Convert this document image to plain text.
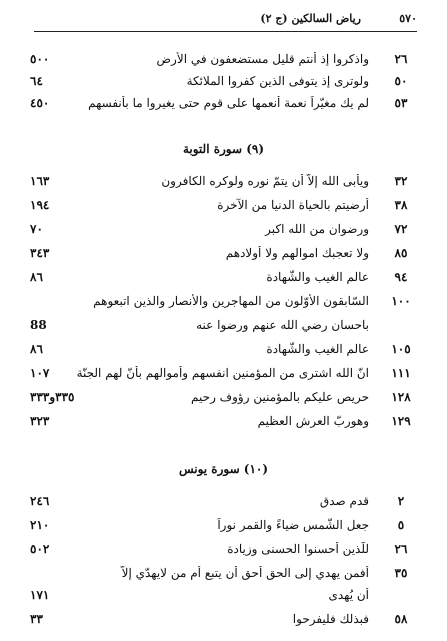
٥٧٠
رياض السالكين (ج ٢)
٢٦
واذكروا إذ أنتم قليل مستضعفون في الأرض
٥٠٠
٥٠
ولوترى إذ يتوفى الذين كفروا الملائكة
٦٤
٥٣
لم يك مغيّراً نعمة أنعمها على قوم حتى يغيروا ما بأنفسهم
٤٥٠
(٩) سورة التوبة
٣٢
ويأبى الله إلاّ أن يتمّ نوره ولوكره الكافرون
١٦٣
٣٨
أرضيتم بالحياة الدنيا من الآخرة
١٩٤
٧٢
ورضوان من الله اكبر
٧٠
٨٥
ولا تعجبك اموالهم ولا أولادهم
٣٤٣
٩٤
عالم الغيب والشّهادة
٨٦
١٠٠
السّابقون الأوّلون من المهاجرين والأنصار والذين اتبعوهم
باحسان رضي الله عنهم ورضوا عنه
88
١٠٥
عالم الغيب والشّهادة
٨٦
١١١
انّ الله اشترى من المؤمنين انفسهم وأموالهم بأنّ لهم الجنّة
١٠٧
١٢٨
حريص عليكم بالمؤمنين رؤوف رحيم
٣٣٥و٣٣٣
١٢٩
وهوربّ العرش العظيم
٣٢٣
(١٠) سورة يونس
٢
قدم صدق
٢٤٦
٥
جعل الشّمس ضياءً والقمر نوراً
٢١٠
٢٦
للّذين أحسنوا الحسنى وزيادة
٥٠٢
٣٥
أفمن يهدي إلى الحق أحق أن يتبع أم من لايهدّي إلاّ
أن يُهدى
١٧١
٥٨
فبذلك فليفرحوا
٣٣
